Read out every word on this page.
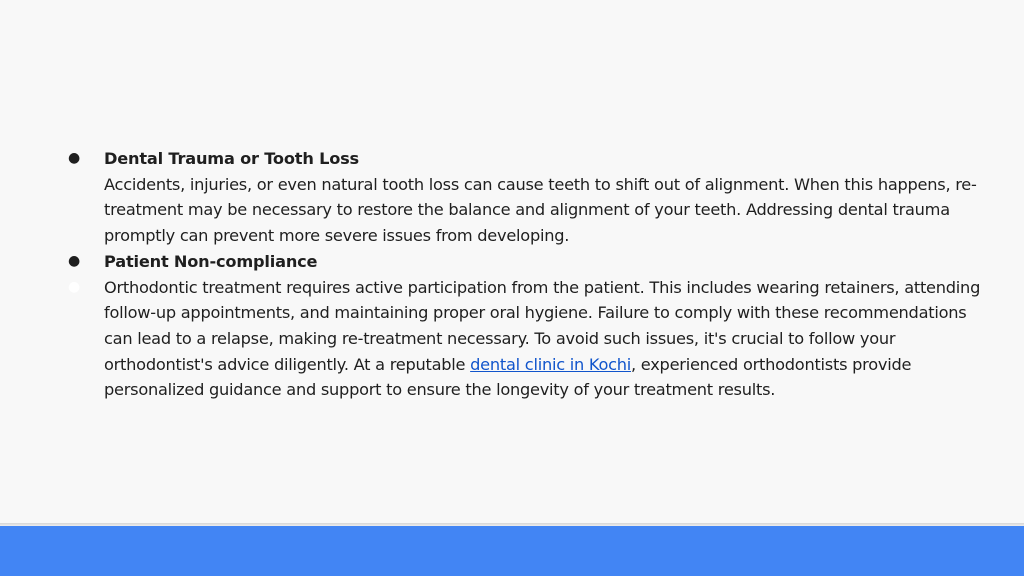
● Dental Trauma or Tooth Loss
Accidents, injuries, or even natural tooth loss can cause teeth to shift out of alignment. When this happens, re-treatment may be necessary to restore the balance and alignment of your teeth. Addressing dental trauma promptly can prevent more severe issues from developing.
● Patient Non-compliance
● Orthodontic treatment requires active participation from the patient. This includes wearing retainers, attending follow-up appointments, and maintaining proper oral hygiene. Failure to comply with these recommendations can lead to a relapse, making re-treatment necessary. To avoid such issues, it's crucial to follow your orthodontist's advice diligently. At a reputable dental clinic in Kochi, experienced orthodontists provide personalized guidance and support to ensure the longevity of your treatment results.
